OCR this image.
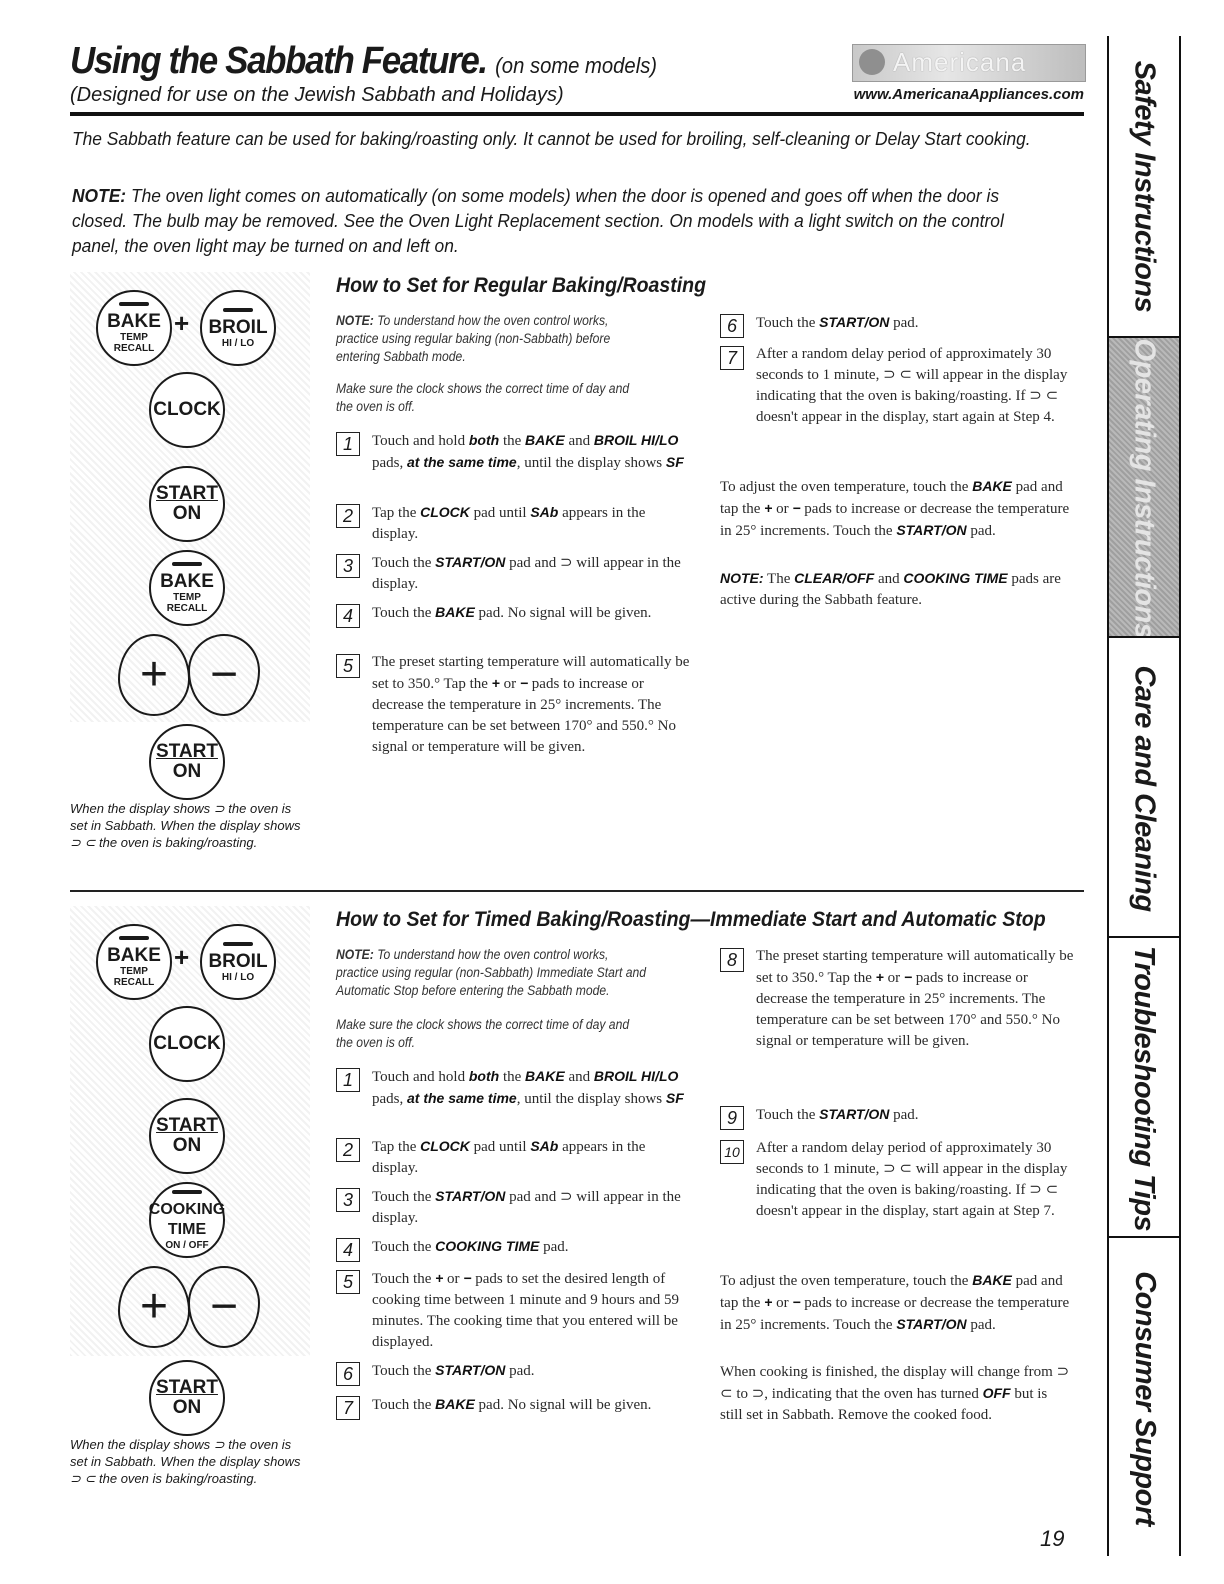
Using the Sabbath Feature. (on some models)
(Designed for use on the Jewish Sabbath and Holidays)
Americana
www.AmericanaAppliances.com
The Sabbath feature can be used for baking/roasting only. It cannot be used for broiling, self-cleaning or Delay Start cooking.
NOTE: The oven light comes on automatically (on some models) when the door is opened and goes off when the door is closed. The bulb may be removed. See the Oven Light Replacement section. On models with a light switch on the control panel, the oven light may be turned on and left on.	Safety Instructions
Operating Instructions
Care and Cleaning
Troubleshooting Tips
Consumer Support
BAKE
TEMP
RECALL
+ BROIL
HI / LO
CLOCK
START
ON
BAKE
TEMP
RECALL
+ −
START
ON
When the display shows ⊃ the oven is set in Sabbath. When the display shows ⊃ ⊂ the oven is baking/roasting.
How to Set for Regular Baking/Roasting
NOTE: To understand how the oven control works, practice using regular baking (non-Sabbath) before entering Sabbath mode.
Make sure the clock shows the correct time of day and the oven is off.
1	Touch and hold both the BAKE and BROIL HI/LO pads, at the same time, until the display shows SF
2	Tap the CLOCK pad until SAb appears in the display.
3	Touch the START/ON pad and ⊃ will appear in the display.
4	Touch the BAKE pad. No signal will be given.
5	The preset starting temperature will automatically be set to 350.° Tap the + or − pads to increase or decrease the temperature in 25° increments. The temperature can be set between 170° and 550.° No signal or temperature will be given.
6	Touch the START/ON pad.
7	After a random delay period of approximately 30 seconds to 1 minute, ⊃ ⊂ will appear in the display indicating that the oven is baking/roasting. If ⊃ ⊂ doesn't appear in the display, start again at Step 4.
To adjust the oven temperature, touch the BAKE pad and tap the + or − pads to increase or decrease the temperature in 25° increments. Touch the START/ON pad.
NOTE: The CLEAR/OFF and COOKING TIME pads are active during the Sabbath feature.
BAKE
TEMP
RECALL
+ BROIL
HI / LO
CLOCK
START
ON
COOKING
TIME
ON / OFF
+ −
START
ON
When the display shows ⊃ the oven is set in Sabbath. When the display shows ⊃ ⊂ the oven is baking/roasting.
How to Set for Timed Baking/Roasting—Immediate Start and Automatic Stop
NOTE: To understand how the oven control works, practice using regular (non-Sabbath) Immediate Start and Automatic Stop before entering the Sabbath mode.
Make sure the clock shows the correct time of day and the oven is off.
1	Touch and hold both the BAKE and BROIL HI/LO pads, at the same time, until the display shows SF
2	Tap the CLOCK pad until SAb appears in the display.
3	Touch the START/ON pad and ⊃ will appear in the display.
4	Touch the COOKING TIME pad.
5	Touch the + or − pads to set the desired length of cooking time between 1 minute and 9 hours and 59 minutes. The cooking time that you entered will be displayed.
6	Touch the START/ON pad.
7	Touch the BAKE pad. No signal will be given.
8	The preset starting temperature will automatically be set to 350.° Tap the + or − pads to increase or decrease the temperature in 25° increments. The temperature can be set between 170° and 550.° No signal or temperature will be given.
9	Touch the START/ON pad.
10 After a random delay period of approximately 30 seconds to 1 minute, ⊃ ⊂ will appear in the display indicating that the oven is baking/roasting. If ⊃ ⊂ doesn't appear in the display, start again at Step 7.
To adjust the oven temperature, touch the BAKE pad and tap the + or − pads to increase or decrease the temperature in 25° increments. Touch the START/ON pad.
When cooking is finished, the display will change from ⊃ ⊂ to ⊃, indicating that the oven has turned OFF but is still set in Sabbath. Remove the cooked food.
19
